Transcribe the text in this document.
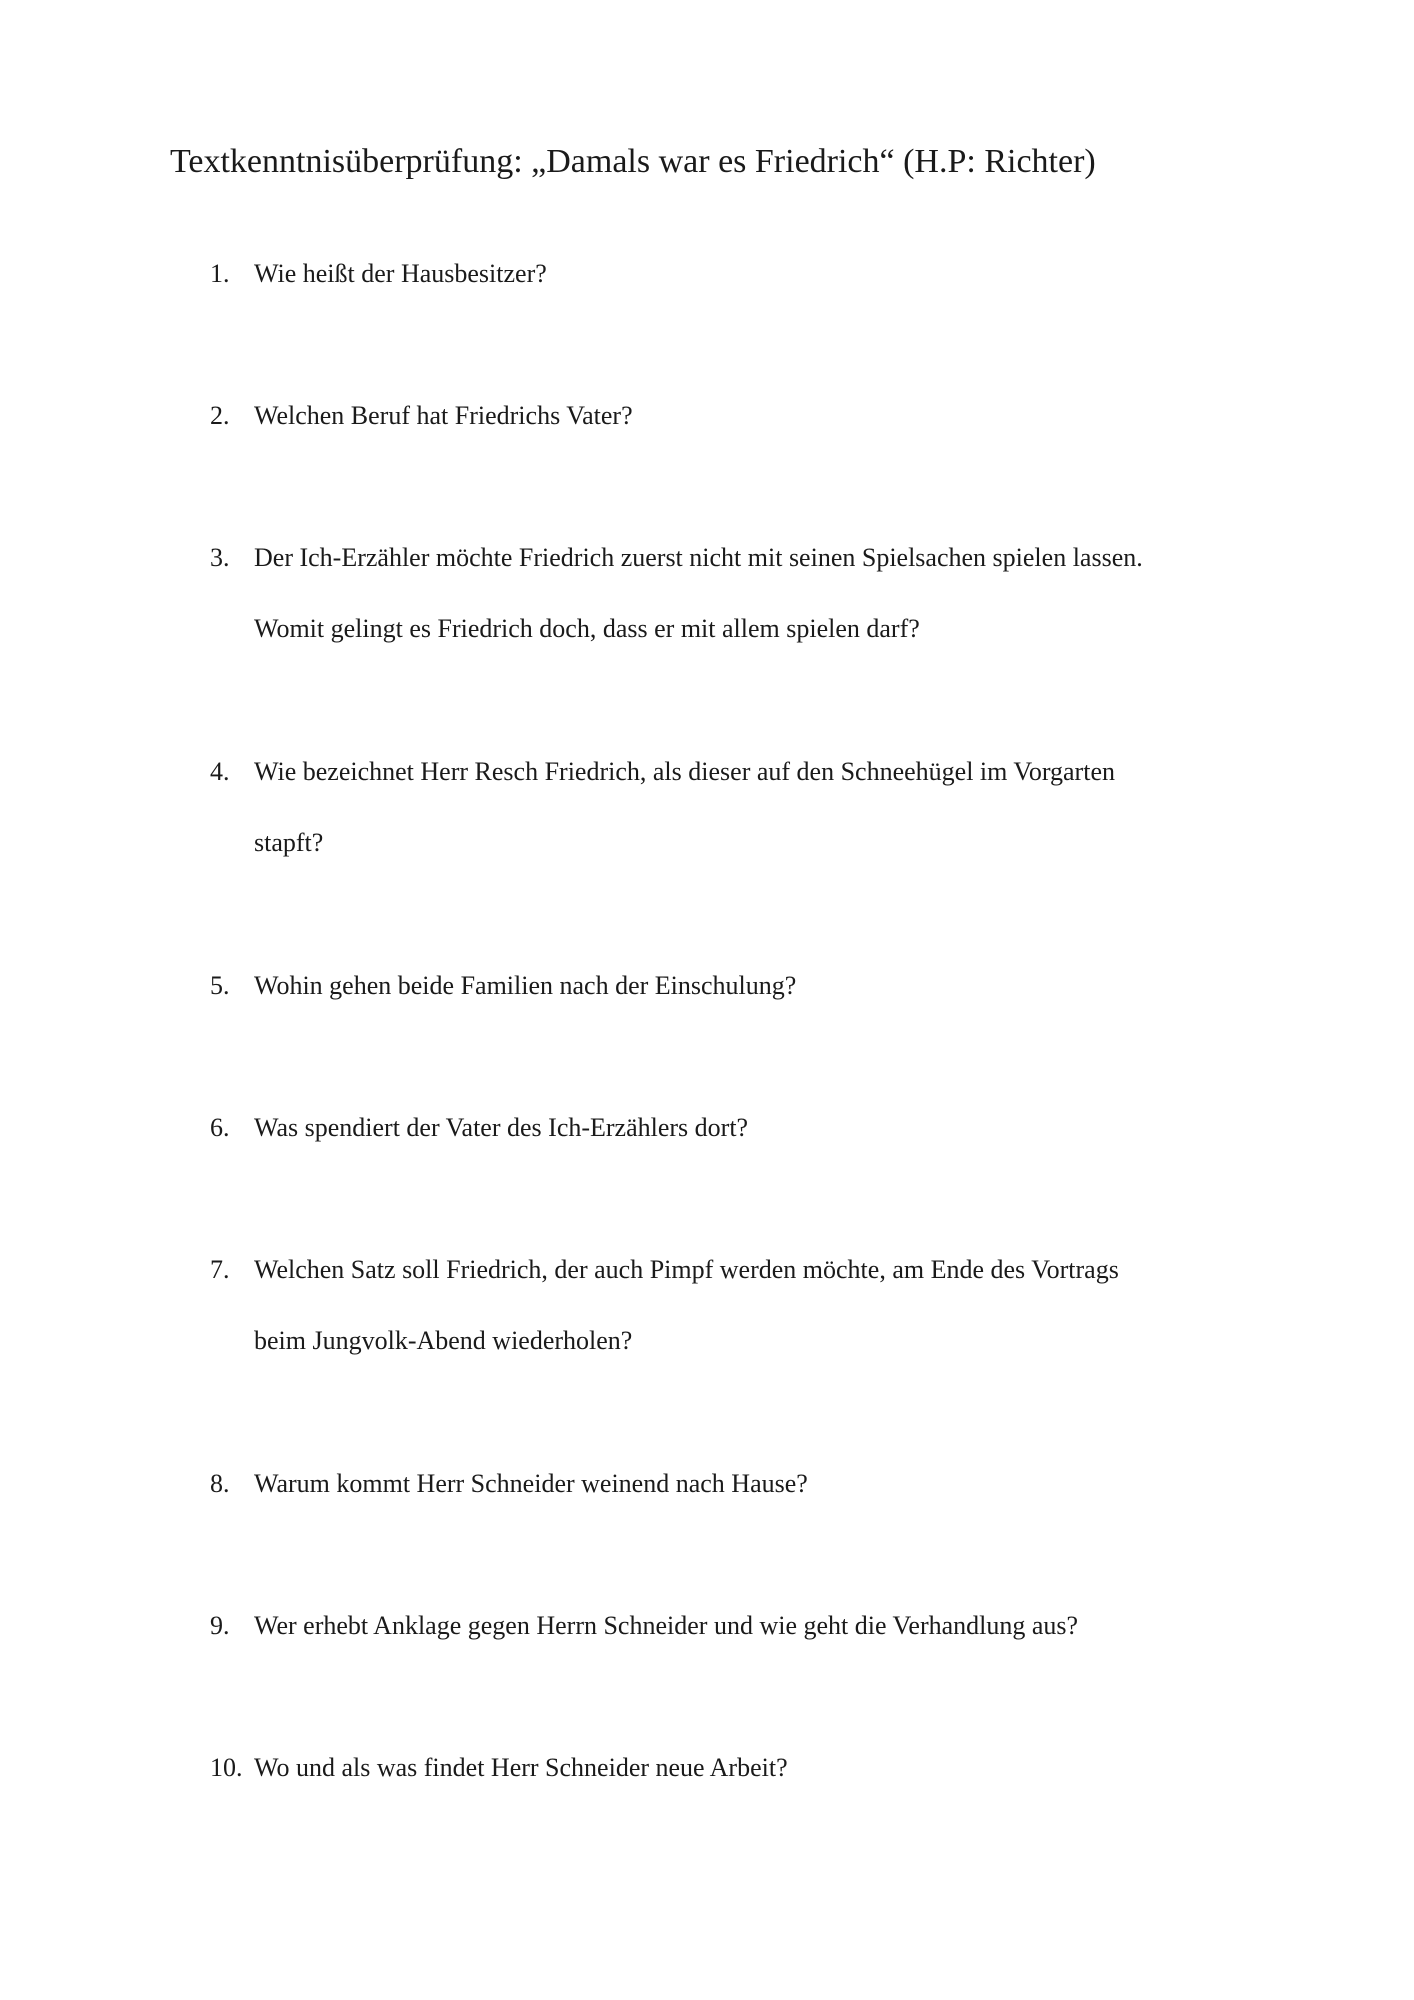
Textkenntnisüberprüfung: „Damals war es Friedrich“ (H.P: Richter)
1. Wie heißt der Hausbesitzer?
2. Welchen Beruf hat Friedrichs Vater?
3. Der Ich-Erzähler möchte Friedrich zuerst nicht mit seinen Spielsachen spielen lassen.
Womit gelingt es Friedrich doch, dass er mit allem spielen darf?
4. Wie bezeichnet Herr Resch Friedrich, als dieser auf den Schneehügel im Vorgarten
stapft?
5. Wohin gehen beide Familien nach der Einschulung?
6. Was spendiert der Vater des Ich-Erzählers dort?
7. Welchen Satz soll Friedrich, der auch Pimpf werden möchte, am Ende des Vortrags
beim Jungvolk-Abend wiederholen?
8. Warum kommt Herr Schneider weinend nach Hause?
9. Wer erhebt Anklage gegen Herrn Schneider und wie geht die Verhandlung aus?
10. Wo und als was findet Herr Schneider neue Arbeit?
